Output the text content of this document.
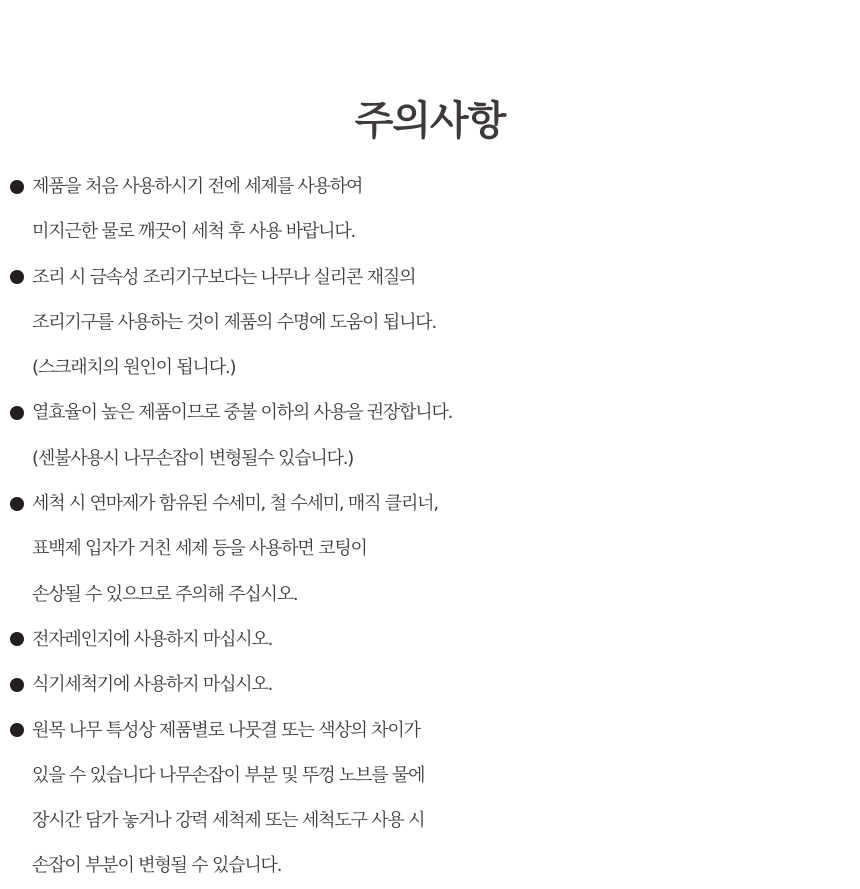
주의사항
제품을 처음 사용하시기 전에 세제를 사용하여
미지근한 물로 깨끗이 세척 후 사용 바랍니다.
조리 시 금속성 조리기구보다는 나무나 실리콘 재질의
조리기구를 사용하는 것이 제품의 수명에 도움이 됩니다.
(스크래치의 원인이 됩니다.)
열효율이 높은 제품이므로 중불 이하의 사용을 권장합니다.
(센불사용시 나무손잡이 변형될수 있습니다.)
세척 시 연마제가 함유된 수세미, 철 수세미, 매직 클리너,
표백제 입자가 거친 세제 등을 사용하면 코팅이
손상될 수 있으므로 주의해 주십시오.
전자레인지에 사용하지 마십시오.
식기세척기에 사용하지 마십시오.
원목 나무 특성상 제품별로 나뭇결 또는 색상의 차이가
있을 수 있습니다 나무손잡이 부분 및 뚜껑 노브를 물에
장시간 담가 놓거나 강력 세척제 또는 세척도구 사용 시
손잡이 부분이 변형될 수 있습니다.
